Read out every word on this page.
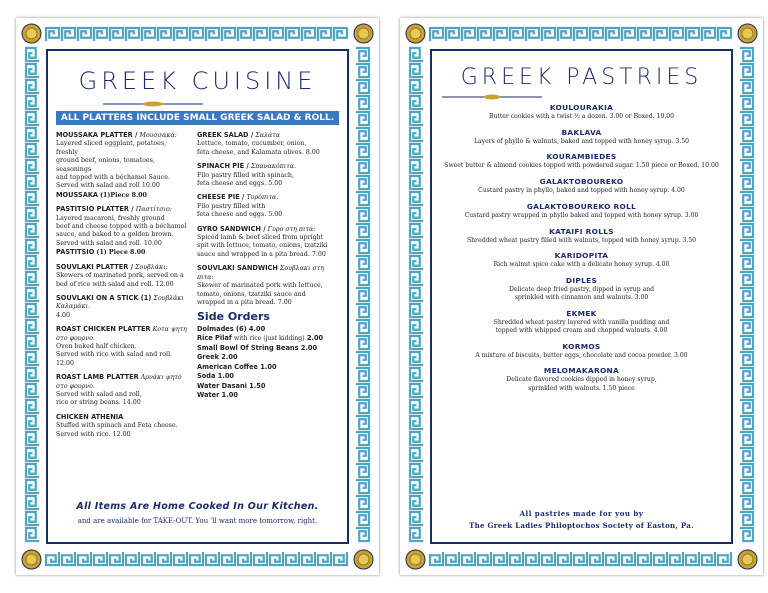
GREEK CUISINE
ALL PLATTERS INCLUDE SMALL GREEK SALAD & ROLL.
MOUSSAKA PLATTER / Μουσσακά:
Layered sliced eggplant, potatoes, freshly
ground beef, onions, tomatoes, seasonings
and topped with a béchamel Sauce.
Served with salad and roll 10.00
MOUSSAKA (1)Piece 8.00
PASTITSIO PLATTER / Παστίτσιο:
Layered macaroni, freshly ground
beef and cheese topped with a béchamel
sauce, and baked to a golden brown.
Served with salad and roll. 10.00
PASTITSIO (1) Piece 8.00
SOUVLAKI PLATTER / Σουβλάκι:
Skewers of marinated pork, served on a
bed of rice with salad and roll. 12.00
SOUVLAKI ON A STICK (1) Σουβλάκι Καλαμάκι.
4.00
ROAST CHICKEN PLATTER Κοτα ψητη στο φουρνο.
Oven baked half chicken.
Served with rice with salad and roll. 12.00
ROAST LAMB PLATTER Αρνάκι ψητό στο φουρνο.
Served with salad and roll,
rice or string beans. 14.00
CHICKEN ATHENIA
Stuffed with spinach and Feta cheese.
Served with rice. 12.00
GREEK SALAD / Σαλάτα
Lettuce, tomato, cucumber, onion,
feta cheese, and Kalamata olives. 8.00
SPINACH PIE / Σπανακόπιτα.
Filo pastry filled with spinach,
feta cheese and eggs. 5.00
CHEESE PIE / Τυρόπιτα.
Filo pastry filled with
feta cheese and eggs. 5.00
GYRO SANDWICH / Γυρο στη πιτα:
Spiced lamb & beef sliced from upright
spit with lettuce, tomato, onions, tzatziki
sauce and wrapped in a pita bread. 7.00
SOUVLAKI SANDWICH Σουβλακι στη πιτα:
Skewer of marinated pork with lettuce,
tomato, onions, tzatziki sauce and
wrapped in a pita bread. 7.00
Side Orders
Dolmades (6) 4.00
Rice Pilaf with rice (just kidding) 2.00
Small Bowl Of String Beans 2.00
Greek 2.00
American Coffee 1.00
Soda 1.00
Water Dasani 1.50
Water 1.00
All Items Are Home Cooked In Our Kitchen.
and are available for TAKE-OUT. You 'll want more tomorrow, right.
GREEK PASTRIES
KOULOURAKIA
Butter cookies with a twist ½ a dozen. 3.00 or Boxed. 10.00
BAKLAVA
Layers of phyllo & walnuts, baked and topped with honey syrup. 3.50
KOURAMBIEDES
Sweet butter & almond cookies topped with powdered sugar. 1.50 piece or Boxed. 10.00
GALAKTOBOUREKO
Custard pastry in phyllo, baked and topped with honey syrup. 4.00
GALAKTOBOUREKO ROLL
Custard pastry wrapped in phyllo baked and topped with honey syrup. 3.00
KATAIFI ROLLS
Shredded wheat pastry filled with walnuts, topped with honey syrup. 3.50
KARIDOPITA
Rich walnut spice cake with a delicate honey syrup. 4.00
DIPLES
Delicate deep fried pastry, dipped in syrup and
sprinkled with cinnamon and walnuts. 3.00
EKMEK
Shredded wheat pastry layered with vanilla pudding and
topped with whipped cream and chopped walnuts. 4.00
KORMOS
A mixture of biscuits, butter eggs, chocolate and cocoa powder. 3.00
MELOMAKARONA
Delicate flavored cookies dipped in honey syrup,
sprinkled with walnuts. 1.50 piece
All pastries made for you by
The Greek Ladies Philoptochos Society of Easton, Pa.
